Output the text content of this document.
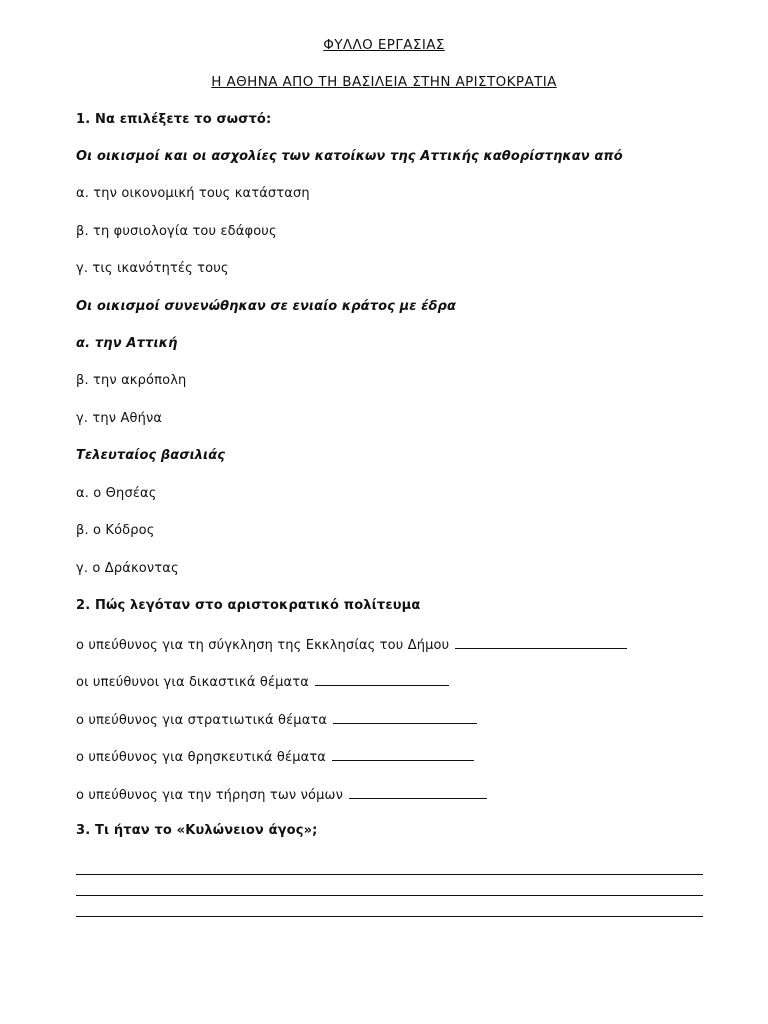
ΦΥΛΛΟ ΕΡΓΑΣΙΑΣ
Η ΑΘΗΝΑ ΑΠΟ ΤΗ ΒΑΣΙΛΕΙΑ ΣΤΗΝ ΑΡΙΣΤΟΚΡΑΤΙΑ
1. Να επιλέξετε το σωστό:
Οι οικισμοί και οι ασχολίες των κατοίκων της Αττικής καθορίστηκαν από
α. την οικονομική τους κατάσταση
β. τη φυσιολογία του εδάφους
γ. τις ικανότητές τους
Οι οικισμοί συνενώθηκαν σε ενιαίο κράτος με έδρα
α. την Αττική
β. την ακρόπολη
γ. την Αθήνα
Τελευταίος βασιλιάς
α. ο Θησέας
β. ο Κόδρος
γ. ο Δράκοντας
2. Πώς λεγόταν στο αριστοκρατικό πολίτευμα
ο υπεύθυνος για τη σύγκληση της Εκκλησίας του Δήμου
οι υπεύθυνοι για δικαστικά θέματα
ο υπεύθυνος για στρατιωτικά θέματα
ο υπεύθυνος για θρησκευτικά θέματα
ο υπεύθυνος για την τήρηση των νόμων
3. Τι ήταν το «Κυλώνειον άγος»;
